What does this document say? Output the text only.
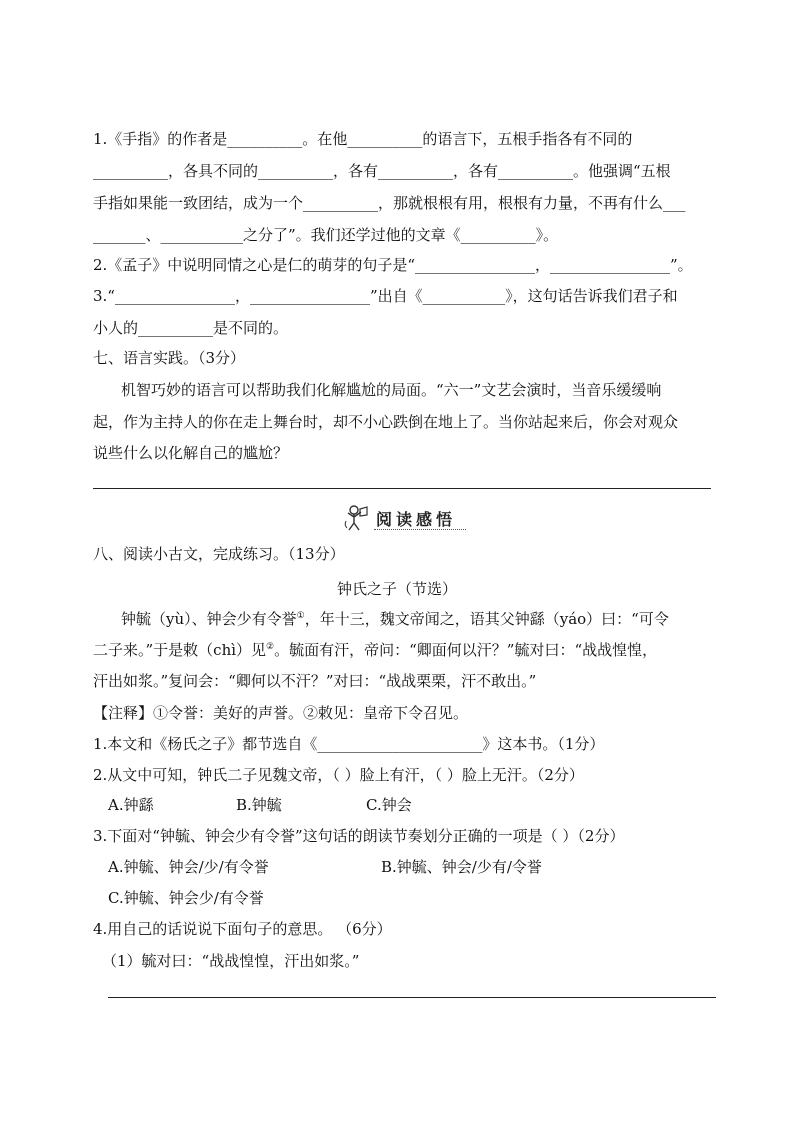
1.《手指》的作者是__________。在他__________的语言下，五根手指各有不同的
__________，各具不同的__________，各有__________，各有__________。他强调“五根
手指如果能一致团结，成为一个__________，那就根根有用，根根有力量，不再有什么___
_______、___________之分了”。我们还学过他的文章《__________》。
2.《孟子》中说明同情之心是仁的萌芽的句子是“________________，________________”。
3.“________________，________________”出自《___________》，这句话告诉我们君子和
小人的__________是不同的。
七、语言实践。（3分）
机智巧妙的语言可以帮助我们化解尴尬的局面。“六一”文艺会演时，当音乐缓缓响
起，作为主持人的你在走上舞台时，却不小心跌倒在地上了。当你站起来后，你会对观众
说些什么以化解自己的尴尬？
阅读感悟
八、阅读小古文，完成练习。（13分）
钟氏之子（节选）
钟毓（yù）、钟会少有令誉①，年十三，魏文帝闻之，语其父钟繇（yáo）曰：“可令
二子来。”于是敕（chì）见②。毓面有汗，帝问：“卿面何以汗？”毓对曰：“战战惶惶，
汗出如浆。”复问会：“卿何以不汗？”对曰：“战战栗栗，汗不敢出。”
【注释】①令誉：美好的声誉。②敕见：皇帝下令召见。
1.本文和《杨氏之子》都节选自《______________________》这本书。（1分）
2.从文中可知，钟氏二子见魏文帝，（ ）脸上有汗，（ ）脸上无汗。（2分）
A.钟繇	B.钟毓	C.钟会
3.下面对“钟毓、钟会少有令誉”这句话的朗读节奏划分正确的一项是（ ）（2分）
A.钟毓、钟会/少/有令誉	B.钟毓、钟会/少有/令誉
C.钟毓、钟会少/有令誉
4.用自己的话说说下面句子的意思。 （6分）
（1）毓对曰：“战战惶惶，汗出如浆。”
